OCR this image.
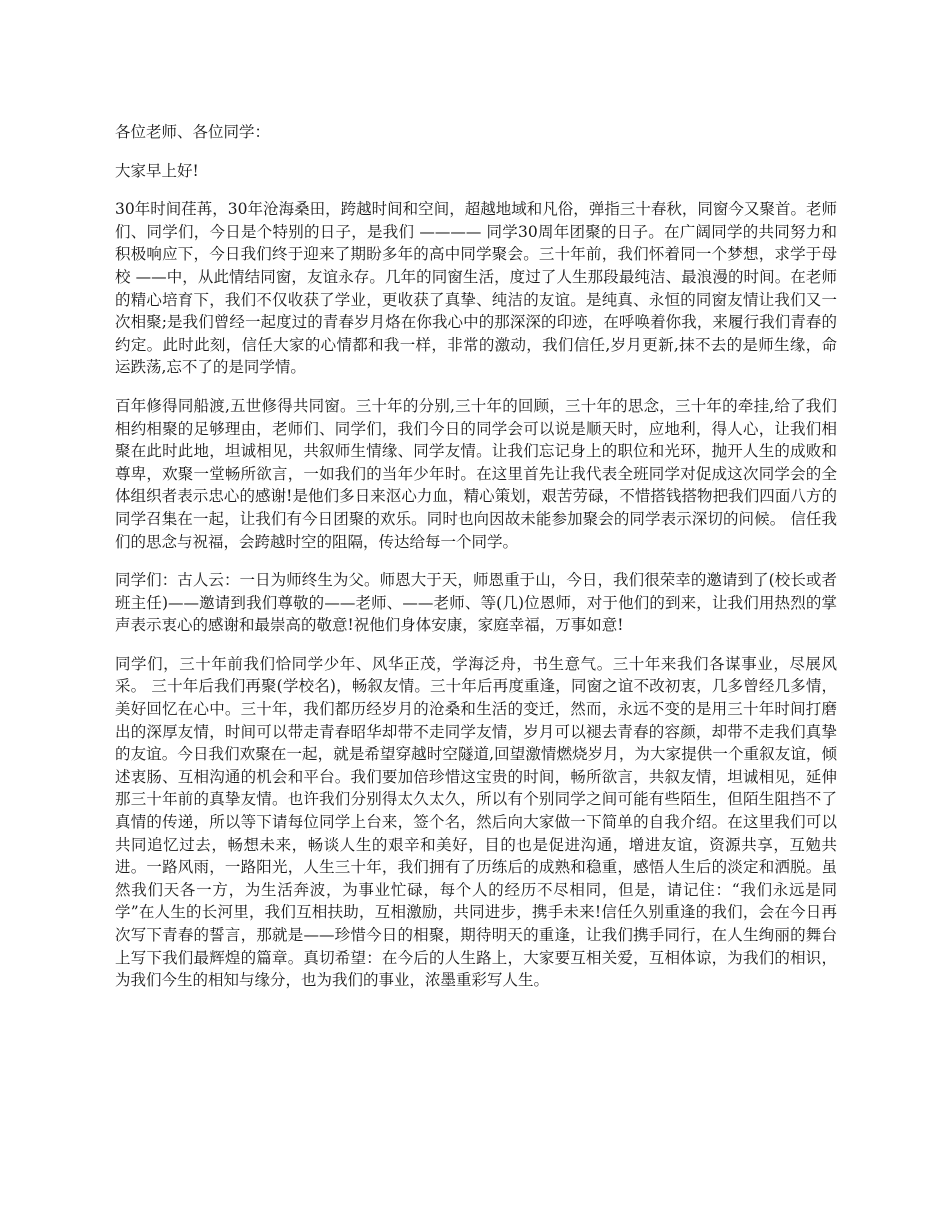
各位老师、各位同学：

大家早上好!

30年时间荏苒，30年沧海桑田，跨越时间和空间，超越地域和凡俗，弹指三十春秋，同窗今又聚首。老师们、同学们，今日是个特别的日子，是我们 ———— 同学30周年团聚的日子。在广阔同学的共同努力和积极响应下，今日我们终于迎来了期盼多年的高中同学聚会。三十年前，我们怀着同一个梦想，求学于母校 ——中，从此情结同窗，友谊永存。几年的同窗生活，度过了人生那段最纯洁、最浪漫的时间。在老师的精心培育下，我们不仅收获了学业，更收获了真挚、纯洁的友谊。是纯真、永恒的同窗友情让我们又一次相聚;是我们曾经一起度过的青春岁月烙在你我心中的那深深的印迹，在呼唤着你我，来履行我们青春的约定。此时此刻，信任大家的心情都和我一样，非常的激动，我们信任,岁月更新,抹不去的是师生缘，命运跌荡,忘不了的是同学情。

百年修得同船渡,五世修得共同窗。三十年的分别,三十年的回顾，三十年的思念，三十年的牵挂,给了我们相约相聚的足够理由，老师们、同学们，我们今日的同学会可以说是顺天时，应地利，得人心，让我们相聚在此时此地，坦诚相见，共叙师生情缘、同学友情。让我们忘记身上的职位和光环，抛开人生的成败和尊卑，欢聚一堂畅所欲言，一如我们的当年少年时。在这里首先让我代表全班同学对促成这次同学会的全体组织者表示忠心的感谢!是他们多日来沤心力血，精心策划，艰苦劳碌，不惜搭钱搭物把我们四面八方的同学召集在一起，让我们有今日团聚的欢乐。同时也向因故未能参加聚会的同学表示深切的问候。 信任我们的思念与祝福，会跨越时空的阻隔，传达给每一个同学。

同学们：古人云：一日为师终生为父。师恩大于天，师恩重于山，今日，我们很荣幸的邀请到了(校长或者班主任)——邀请到我们尊敬的——老师、——老师、等(几)位恩师，对于他们的到来，让我们用热烈的掌声表示衷心的感谢和最崇高的敬意!祝他们身体安康，家庭幸福，万事如意!

同学们，三十年前我们恰同学少年、风华正茂，学海泛舟，书生意气。三十年来我们各谋事业，尽展风采。 三十年后我们再聚(学校名)，畅叙友情。三十年后再度重逢，同窗之谊不改初衷，几多曾经几多情，美好回忆在心中。三十年，我们都历经岁月的沧桑和生活的变迁，然而，永远不变的是用三十年时间打磨出的深厚友情，时间可以带走青春昭华却带不走同学友情，岁月可以褪去青春的容颜，却带不走我们真挚的友谊。今日我们欢聚在一起，就是希望穿越时空隧道,回望激情燃烧岁月，为大家提供一个重叙友谊，倾述衷肠、互相沟通的机会和平台。我们要加倍珍惜这宝贵的时间，畅所欲言，共叙友情，坦诚相见，延伸那三十年前的真挚友情。也许我们分别得太久太久，所以有个别同学之间可能有些陌生，但陌生阻挡不了真情的传递，所以等下请每位同学上台来，签个名，然后向大家做一下简单的自我介绍。在这里我们可以共同追忆过去，畅想未来，畅谈人生的艰辛和美好，目的也是促进沟通，增进友谊，资源共享，互勉共进。一路风雨，一路阳光，人生三十年，我们拥有了历练后的成熟和稳重，感悟人生后的淡定和洒脱。虽然我们天各一方，为生活奔波，为事业忙碌，每个人的经历不尽相同，但是，请记住：“我们永远是同学”在人生的长河里，我们互相扶助，互相激励，共同进步，携手未来!信任久别重逢的我们，会在今日再次写下青春的誓言，那就是——珍惜今日的相聚，期待明天的重逢，让我们携手同行，在人生绚丽的舞台上写下我们最辉煌的篇章。真切希望：在今后的人生路上，大家要互相关爱，互相体谅，为我们的相识，为我们今生的相知与缘分，也为我们的事业，浓墨重彩写人生。
